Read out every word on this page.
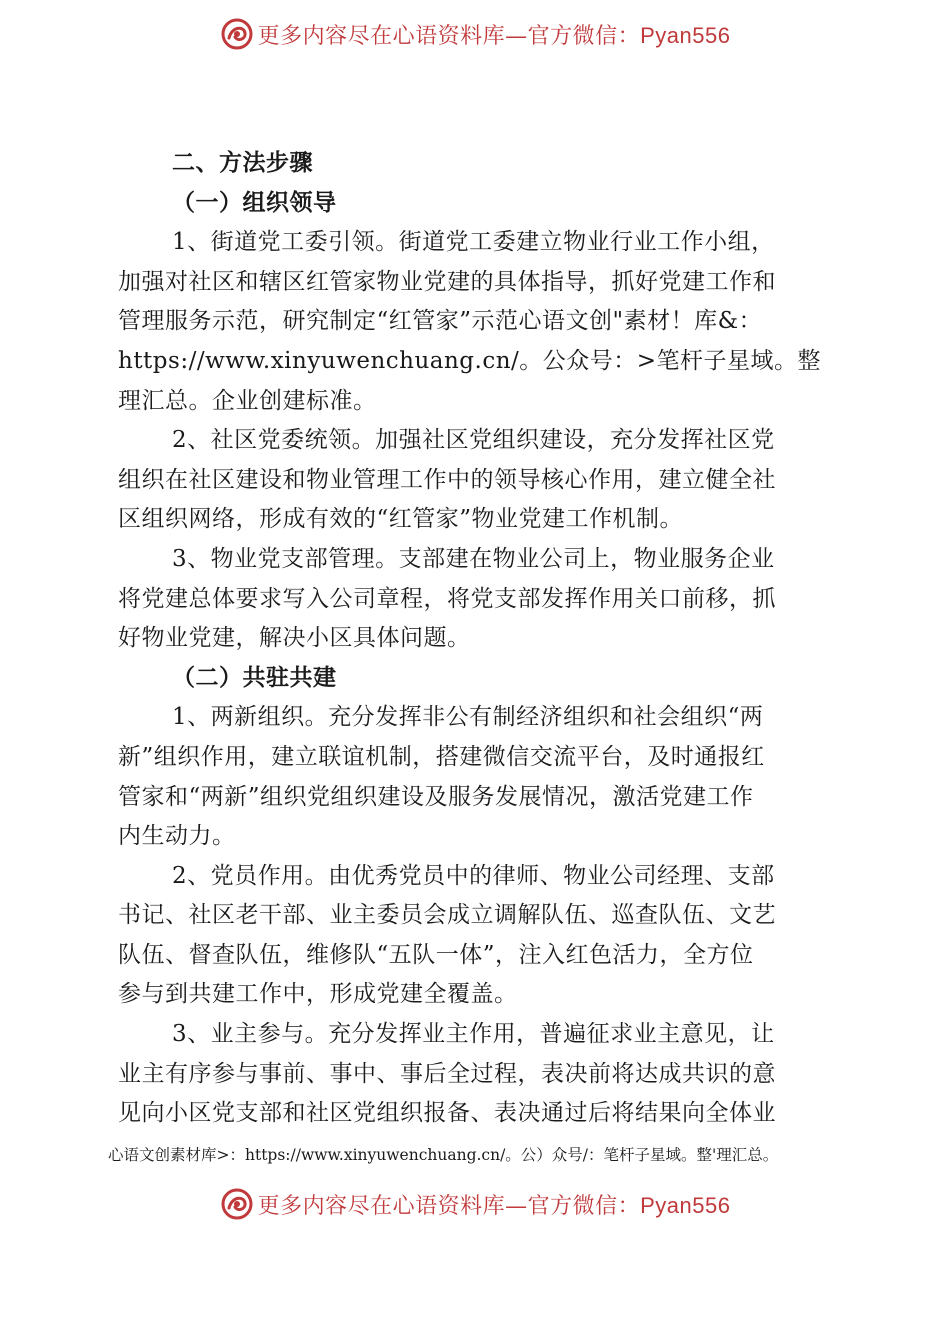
更多内容尽在心语资料库—官方微信：Pyan556
二、方法步骤
（一）组织领导
1、街道党工委引领。街道党工委建立物业行业工作小组，
加强对社区和辖区红管家物业党建的具体指导，抓好党建工作和
管理服务示范，研究制定“红管家”示范心语文创"素材！库&：
https://www.xinyuwenchuang.cn/。公众号：>笔杆子星域。整
理汇总。企业创建标准。
2、社区党委统领。加强社区党组织建设，充分发挥社区党
组织在社区建设和物业管理工作中的领导核心作用，建立健全社
区组织网络，形成有效的“红管家”物业党建工作机制。
3、物业党支部管理。支部建在物业公司上，物业服务企业
将党建总体要求写入公司章程，将党支部发挥作用关口前移，抓
好物业党建，解决小区具体问题。
（二）共驻共建
1、两新组织。充分发挥非公有制经济组织和社会组织“两
新”组织作用，建立联谊机制，搭建微信交流平台，及时通报红
管家和“两新”组织党组织建设及服务发展情况，激活党建工作
内生动力。
2、党员作用。由优秀党员中的律师、物业公司经理、支部
书记、社区老干部、业主委员会成立调解队伍、巡查队伍、文艺
队伍、督查队伍，维修队“五队一体”，注入红色活力，全方位
参与到共建工作中，形成党建全覆盖。
3、业主参与。充分发挥业主作用，普遍征求业主意见，让
业主有序参与事前、事中、事后全过程，表决前将达成共识的意
见向小区党支部和社区党组织报备、表决通过后将结果向全体业
心语文创素材库>：https://www.xinyuwenchuang.cn/。公）众号/：笔杆子星域。整'理汇总。
更多内容尽在心语资料库—官方微信：Pyan556
